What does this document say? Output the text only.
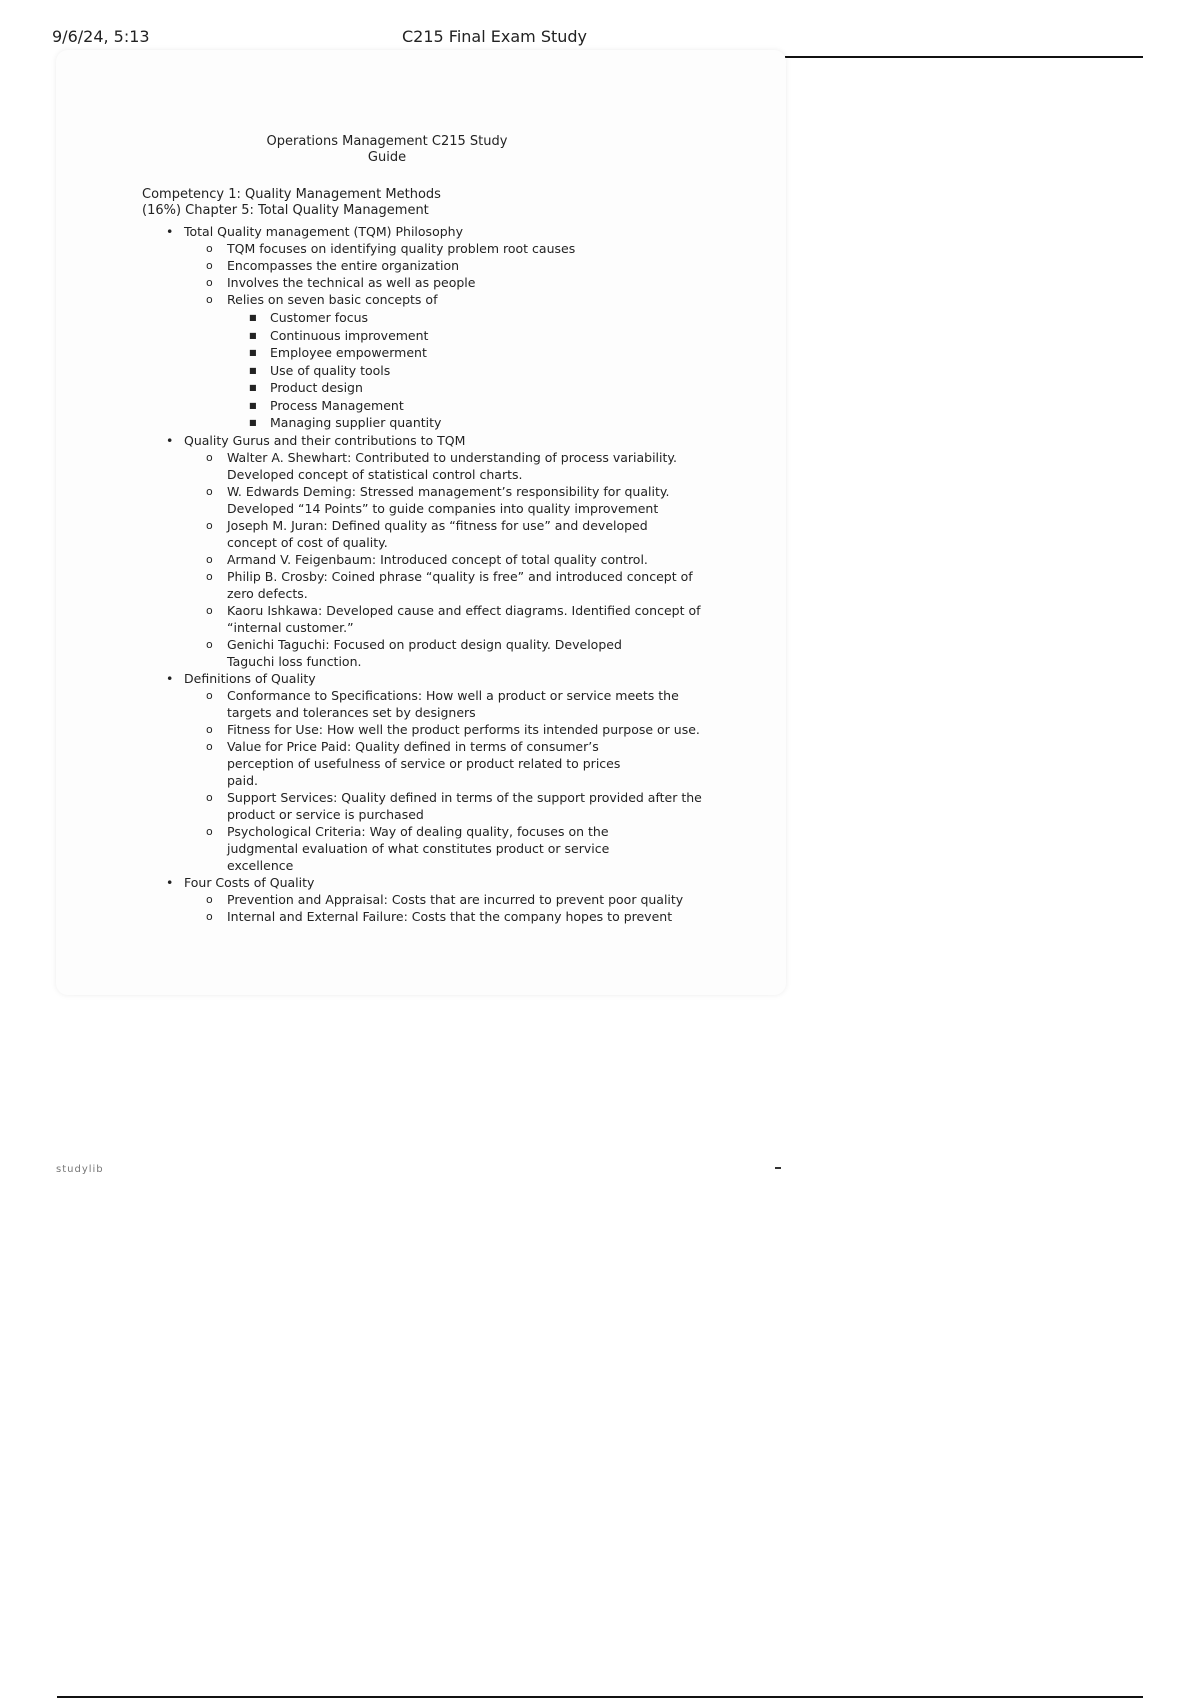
9/6/24, 5:13	C215 Final Exam Study
Operations Management C215 Study
Guide
Competency 1: Quality Management Methods
(16%) Chapter 5: Total Quality Management
• Total Quality management (TQM) Philosophy
o TQM focuses on identifying quality problem root causes
o Encompasses the entire organization
o Involves the technical as well as people
o Relies on seven basic concepts of
■ Customer focus
■ Continuous improvement
■ Employee empowerment
■ Use of quality tools
■ Product design
■ Process Management
■ Managing supplier quantity
• Quality Gurus and their contributions to TQM
o Walter A. Shewhart: Contributed to understanding of process variability. Developed concept of statistical control charts.
o W. Edwards Deming: Stressed management’s responsibility for quality. Developed “14 Points” to guide companies into quality improvement
o Joseph M. Juran: Defined quality as “fitness for use” and developed concept of cost of quality.
o Armand V. Feigenbaum: Introduced concept of total quality control.
o Philip B. Crosby: Coined phrase “quality is free” and introduced concept of zero defects.
o Kaoru Ishkawa: Developed cause and effect diagrams. Identified concept of “internal customer.”
o Genichi Taguchi: Focused on product design quality. Developed Taguchi loss function.
• Definitions of Quality
o Conformance to Specifications: How well a product or service meets the targets and tolerances set by designers
o Fitness for Use: How well the product performs its intended purpose or use.
o Value for Price Paid: Quality defined in terms of consumer’s perception of usefulness of service or product related to prices paid.
o Support Services: Quality defined in terms of the support provided after the product or service is purchased
o Psychological Criteria: Way of dealing quality, focuses on the judgmental evaluation of what constitutes product or service excellence
• Four Costs of Quality
o Prevention and Appraisal: Costs that are incurred to prevent poor quality
o Internal and External Failure: Costs that the company hopes to prevent
studylib
